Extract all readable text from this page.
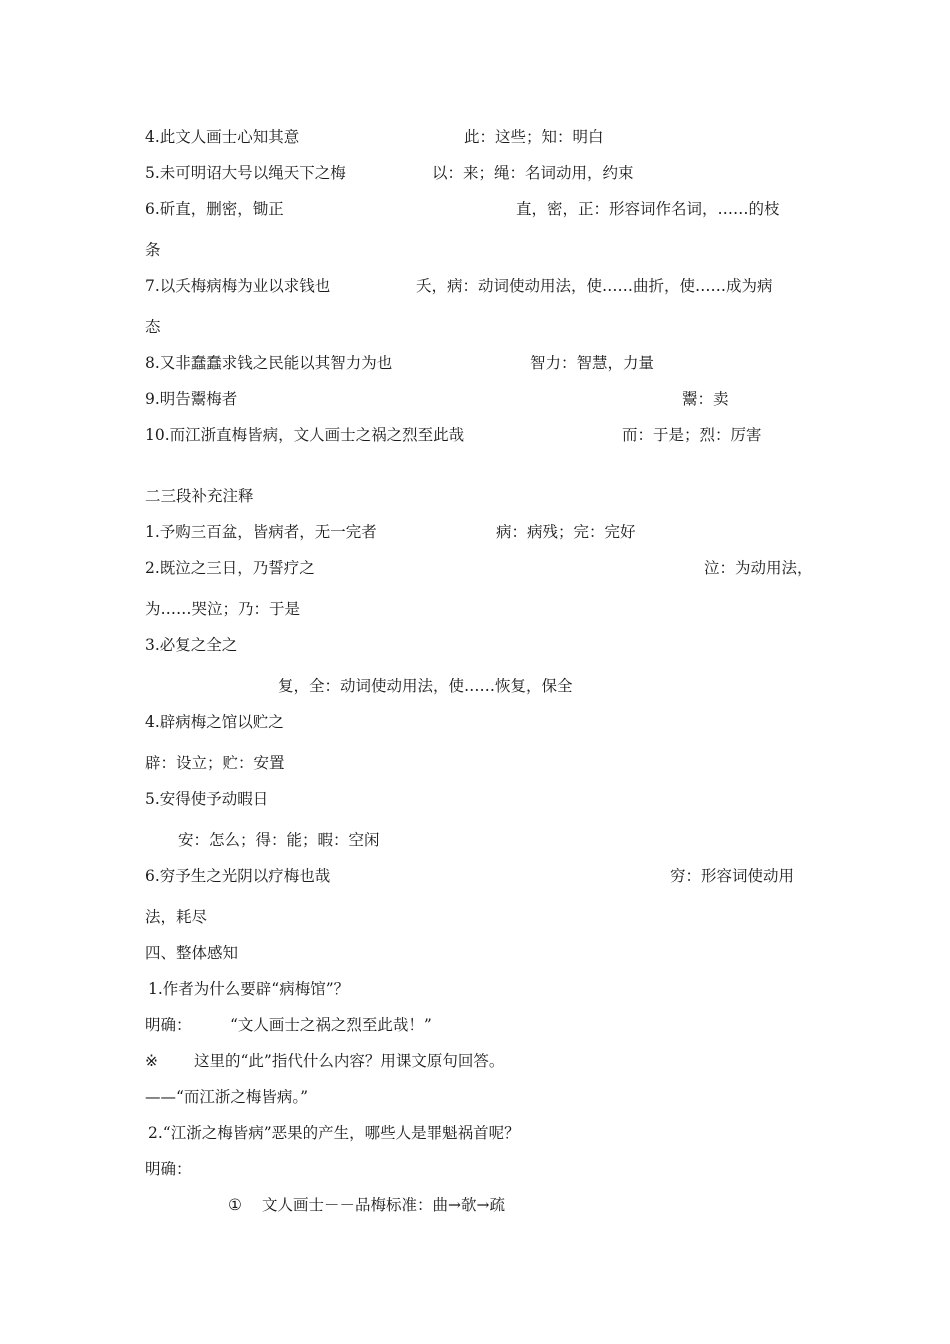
4.此文人画士心知其意	此：这些；知：明白
5.未可明诏大号以绳天下之梅	以：来；绳：名词动用，约束
6.斫直，删密，锄正	直，密，正：形容词作名词，……的枝
条
7.以夭梅病梅为业以求钱也	夭，病：动词使动用法，使……曲折，使……成为病
态
8.又非蠢蠢求钱之民能以其智力为也	智力：智慧，力量
9.明告鬻梅者	鬻：卖
10.而江浙直梅皆病，文人画士之祸之烈至此哉	而：于是；烈：厉害
二三段补充注释
1.予购三百盆，皆病者，无一完者	病：病残；完：完好
2.既泣之三日，乃誓疗之	泣：为动用法，
为……哭泣；乃：于是
3.必复之全之
复，全：动词使动用法，使……恢复，保全
4.辟病梅之馆以贮之
辟：设立；贮：安置
5.安得使予动暇日
安：怎么；得：能；暇：空闲
6.穷予生之光阴以疗梅也哉	穷：形容词使动用
法，耗尽
四、整体感知
1.作者为什么要辟“病梅馆”？
明确： “文人画士之祸之烈至此哉！”
※ 这里的“此”指代什么内容？用课文原句回答。
——“而江浙之梅皆病。”
2.“江浙之梅皆病”恶果的产生，哪些人是罪魁祸首呢？
明确：
① 文人画士－－品梅标准：曲→欹→疏
